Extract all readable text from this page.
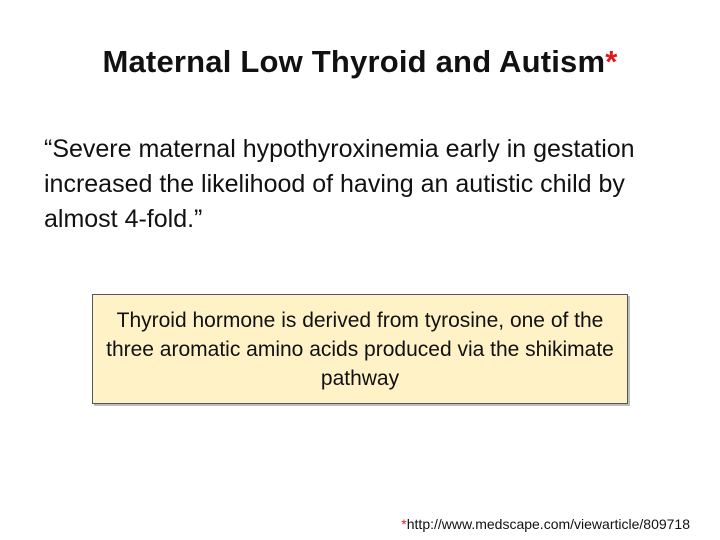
Maternal Low Thyroid and Autism*

“Severe maternal hypothyroxinemia early in gestation increased the likelihood of having an autistic child by almost 4-fold.”

Thyroid hormone is derived from tyrosine, one of the three aromatic amino acids produced via the shikimate pathway

*http://www.medscape.com/viewarticle/809718
